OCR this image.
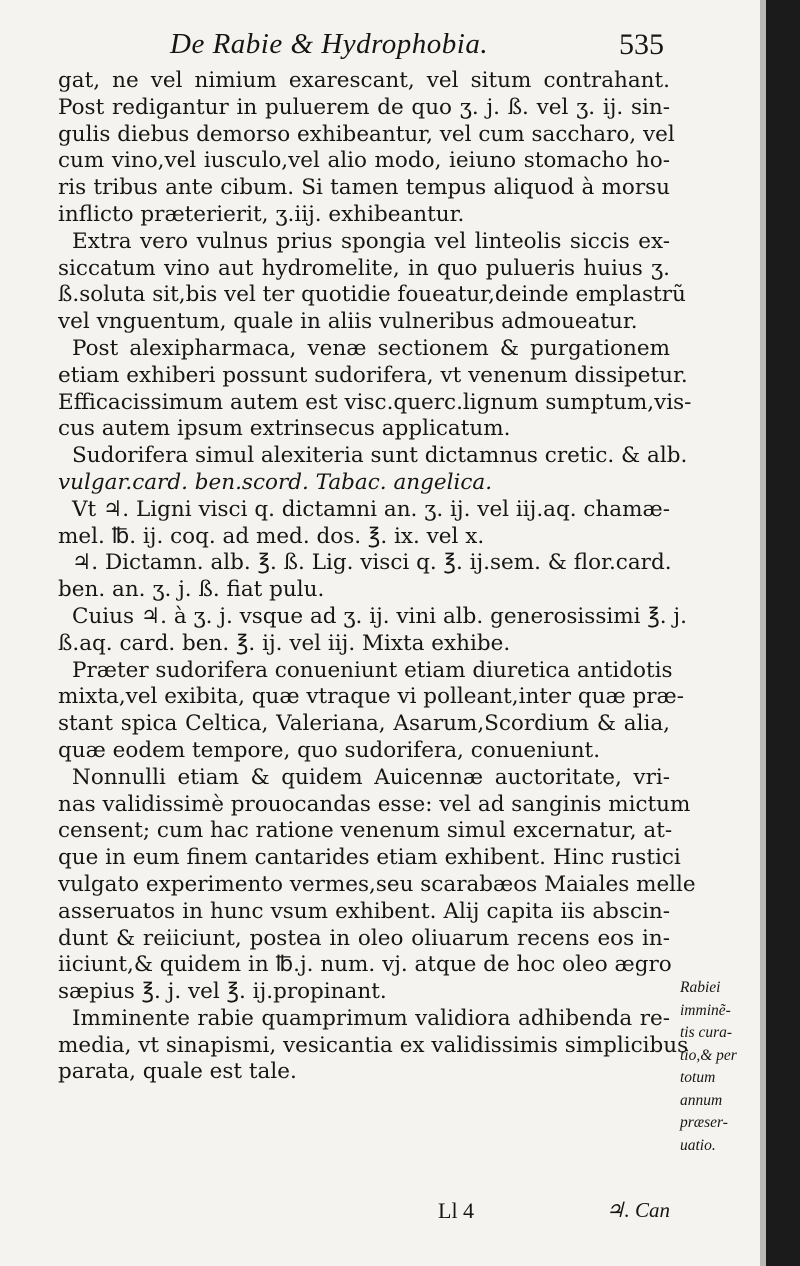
De Rabie & Hydrophobia.	535
gat, ne vel nimium exarescant, vel situm contrahant.
Post redigantur in puluerem de quo ʒ. j. ß. vel ʒ. ij. sin-
gulis diebus demorso exhibeantur, vel cum saccharo, vel
cum vino,vel iusculo,vel alio modo, ieiuno stomacho ho-
ris tribus ante cibum. Si tamen tempus aliquod à morsu
inflicto præterierit, ʒ.iij. exhibeantur.
Extra vero vulnus prius spongia vel linteolis siccis ex-
siccatum vino aut hydromelite, in quo pulueris huius ʒ.
ß.soluta sit,bis vel ter quotidie foueatur,deinde emplastrũ
vel vnguentum, quale in aliis vulneribus admoueatur.
Post alexipharmaca, venæ sectionem & purgationem
etiam exhiberi possunt sudorifera, vt venenum dissipetur.
Efficacissimum autem est visc.querc.lignum sumptum,vis-
cus autem ipsum extrinsecus applicatum.
Sudorifera simul alexiteria sunt dictamnus cretic. & alb.
vulgar.card. ben.scord. Tabac. angelica.
Vt ♃. Ligni visci q. dictamni an. ʒ. ij. vel iij.aq. chamæ-
mel. ℔. ij. coq. ad med. dos. ℥. ix. vel x.
♃. Dictamn. alb. ℥. ß. Lig. visci q. ℥. ij.sem. & flor.card.
ben. an. ʒ. j. ß. fiat pulu.
Cuius ♃. à ʒ. j. vsque ad ʒ. ij. vini alb. generosissimi ℥. j.
ß.aq. card. ben. ℥. ij. vel iij. Mixta exhibe.
Præter sudorifera conueniunt etiam diuretica antidotis
mixta,vel exibita, quæ vtraque vi polleant,inter quæ præ-
stant spica Celtica, Valeriana, Asarum,Scordium & alia,
quæ eodem tempore, quo sudorifera, conueniunt.
Nonnulli etiam & quidem Auicennæ auctoritate, vri-
nas validissimè prouocandas esse: vel ad sanginis mictum
censent; cum hac ratione venenum simul excernatur, at-
que in eum finem cantarides etiam exhibent. Hinc rustici
vulgato experimento vermes,seu scarabæos Maiales melle
asseruatos in hunc vsum exhibent. Alij capita iis abscin-
dunt & reiiciunt, postea in oleo oliuarum recens eos in-
iiciunt,& quidem in ℔.j. num. vj. atque de hoc oleo ægro
sæpius ℥. j. vel ℥. ij.propinant.
Imminente rabie quamprimum validiora adhibenda re-
media, vt sinapismi, vesicantia ex validissimis simplicibus
parata, quale est tale.
Rabiei
imminẽ-
tis cura-
tio,& per
totum
annum
præser-
uatio.
Ll 4	♃. Can
